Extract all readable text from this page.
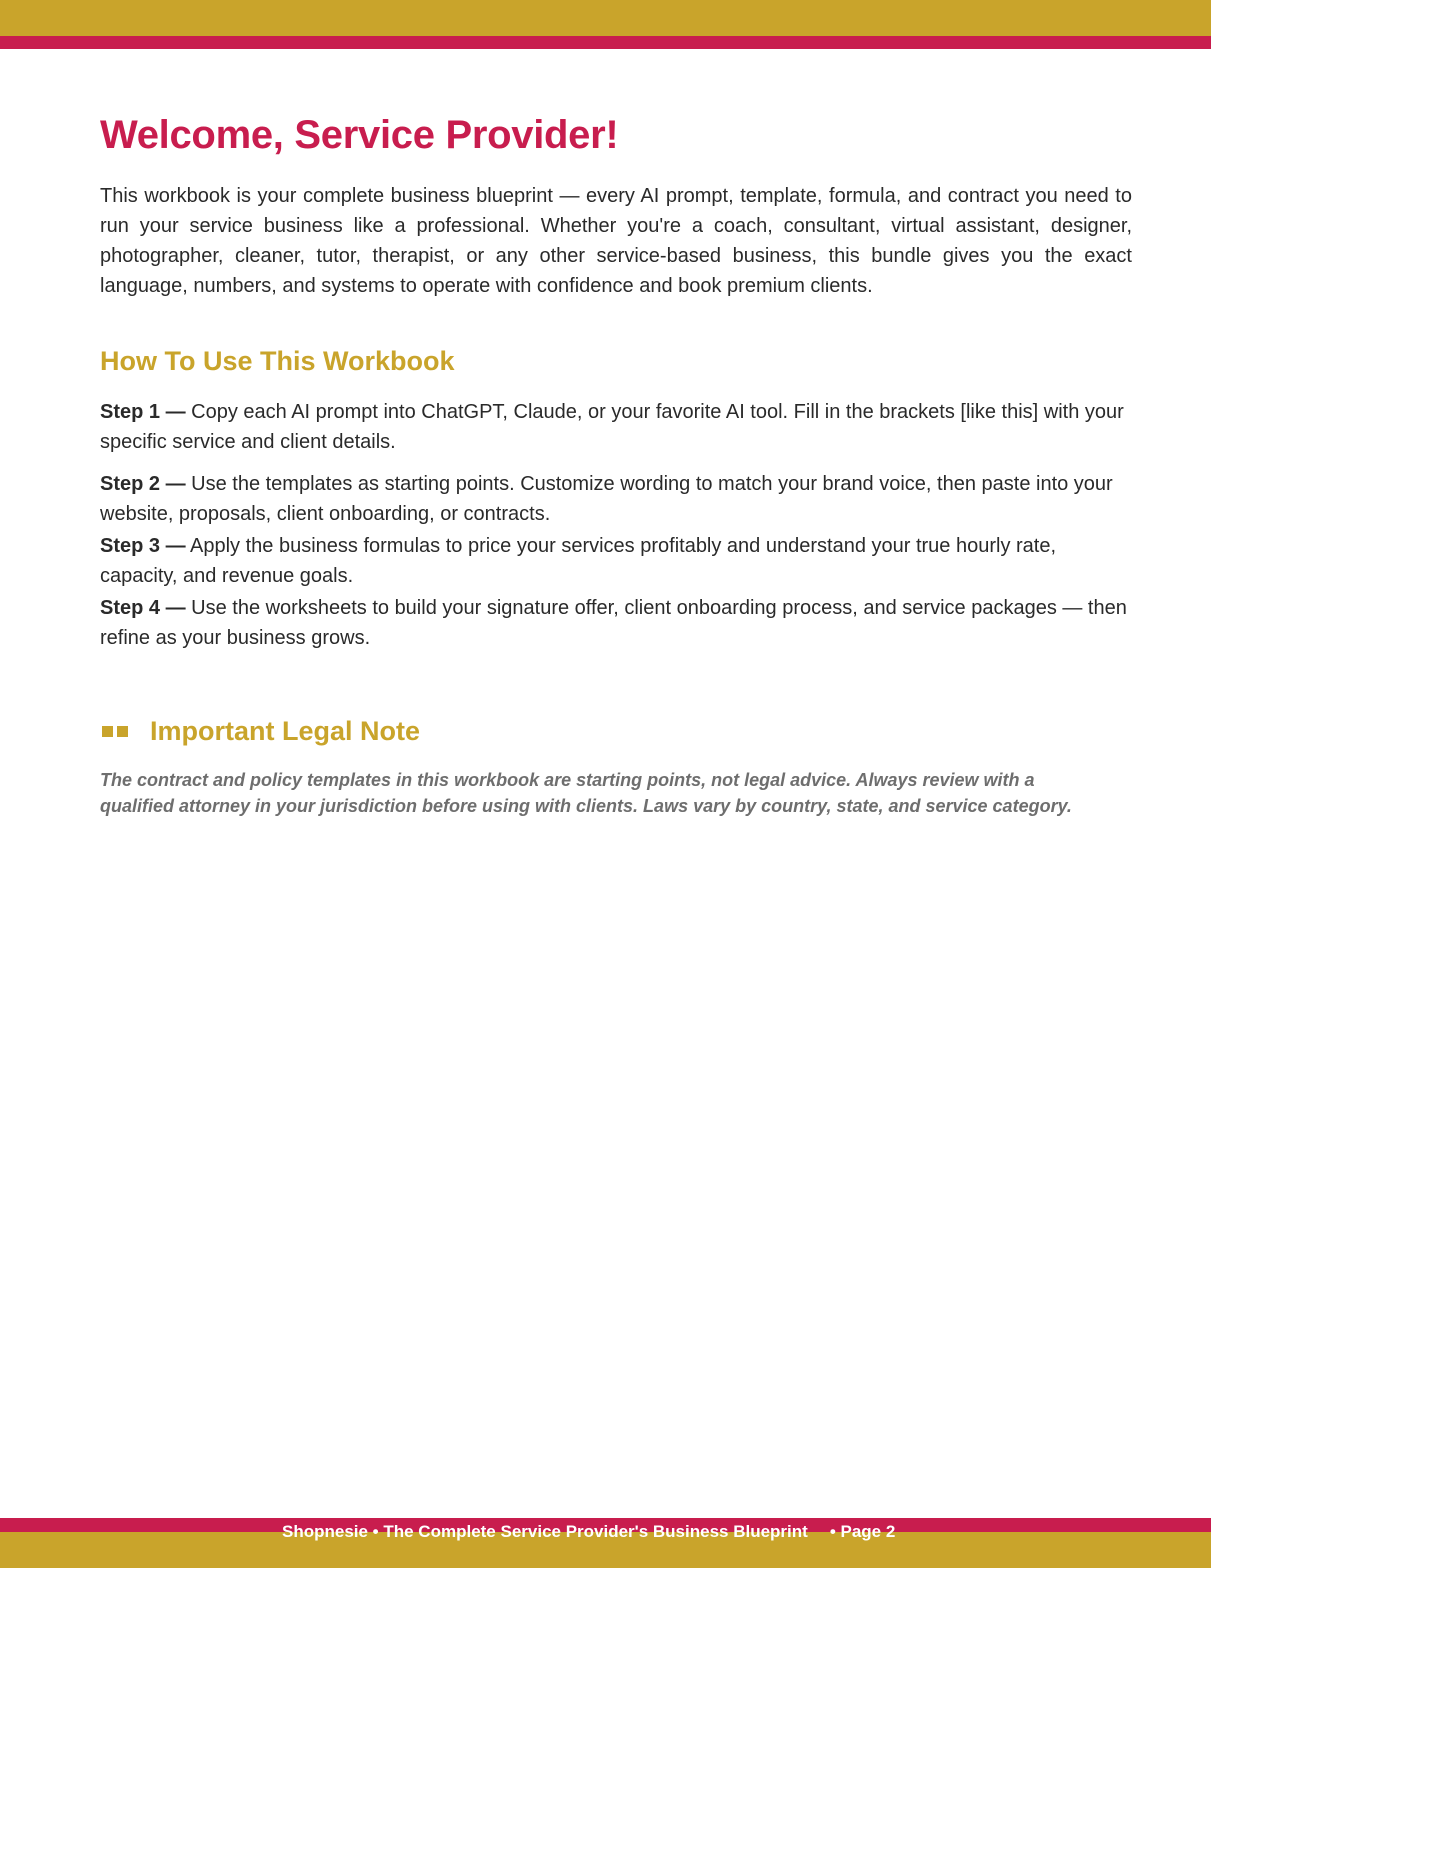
Welcome, Service Provider!

This workbook is your complete business blueprint — every AI prompt, template, formula, and contract you need to run your service business like a professional. Whether you're a coach, consultant, virtual assistant, designer, photographer, cleaner, tutor, therapist, or any other service-based business, this bundle gives you the exact language, numbers, and systems to operate with confidence and book premium clients.

How To Use This Workbook

Step 1 — Copy each AI prompt into ChatGPT, Claude, or your favorite AI tool. Fill in the brackets [like this] with your specific service and client details.

Step 2 — Use the templates as starting points. Customize wording to match your brand voice, then paste into your website, proposals, client onboarding, or contracts.

Step 3 — Apply the business formulas to price your services profitably and understand your true hourly rate, capacity, and revenue goals.

Step 4 — Use the worksheets to build your signature offer, client onboarding process, and service packages — then refine as your business grows.

Important Legal Note

The contract and policy templates in this workbook are starting points, not legal advice. Always review with a qualified attorney in your jurisdiction before using with clients. Laws vary by country, state, and service category.

Shopnesie • The Complete Service Provider's Business Blueprint • Page 2
